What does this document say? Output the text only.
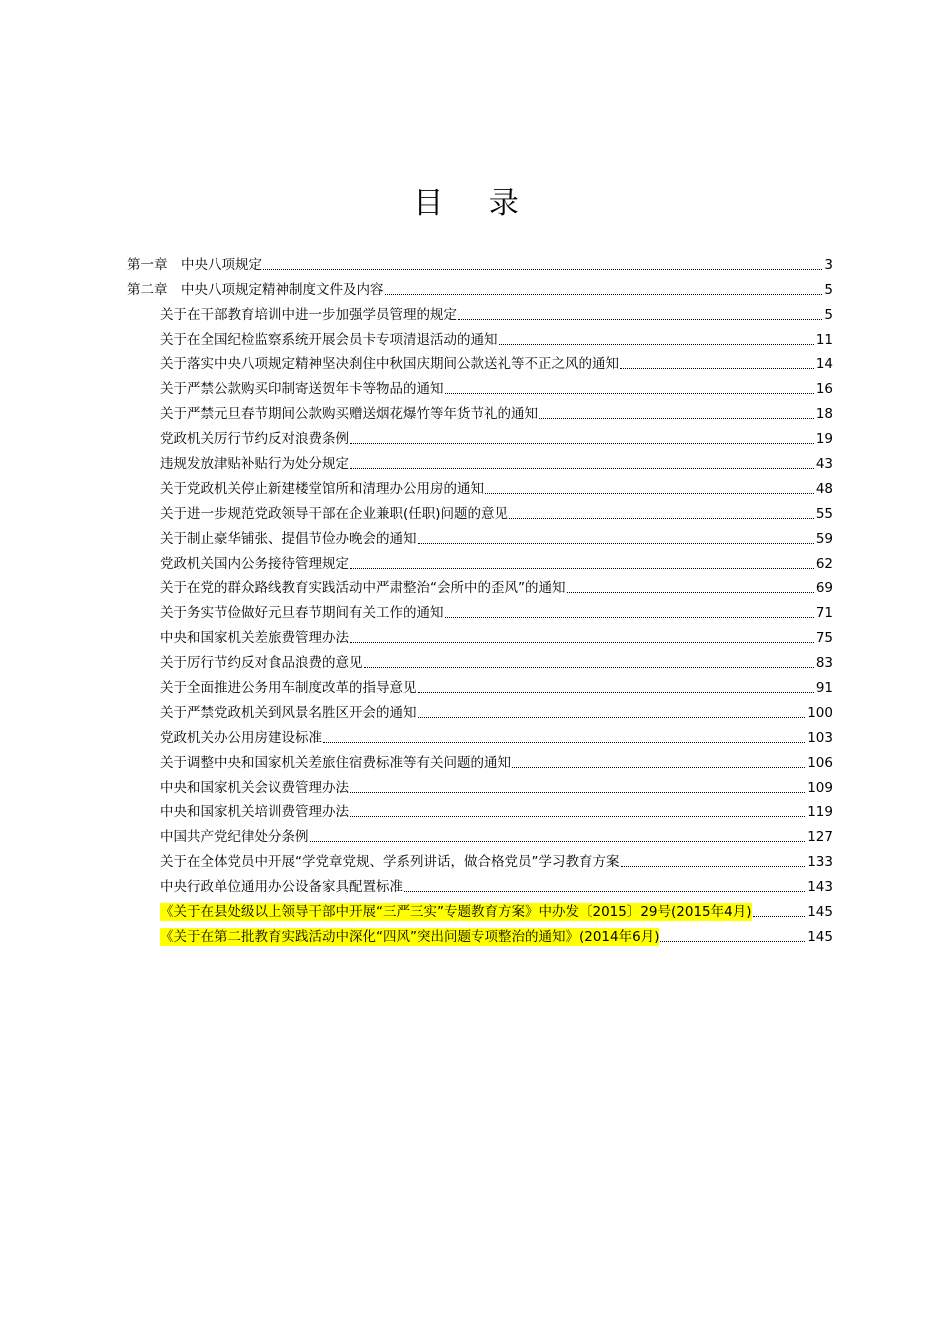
目 录
第一章　中央八项规定	3
第二章　中央八项规定精神制度文件及内容	5
关于在干部教育培训中进一步加强学员管理的规定	5
关于在全国纪检监察系统开展会员卡专项清退活动的通知	11
关于落实中央八项规定精神坚决刹住中秋国庆期间公款送礼等不正之风的通知	14
关于严禁公款购买印制寄送贺年卡等物品的通知	16
关于严禁元旦春节期间公款购买赠送烟花爆竹等年货节礼的通知	18
党政机关厉行节约反对浪费条例	19
违规发放津贴补贴行为处分规定	43
关于党政机关停止新建楼堂馆所和清理办公用房的通知	48
关于进一步规范党政领导干部在企业兼职(任职)问题的意见	55
关于制止豪华铺张、提倡节俭办晚会的通知	59
党政机关国内公务接待管理规定	62
关于在党的群众路线教育实践活动中严肃整治“会所中的歪风”的通知	69
关于务实节俭做好元旦春节期间有关工作的通知	71
中央和国家机关差旅费管理办法	75
关于厉行节约反对食品浪费的意见	83
关于全面推进公务用车制度改革的指导意见	91
关于严禁党政机关到风景名胜区开会的通知	100
党政机关办公用房建设标准	103
关于调整中央和国家机关差旅住宿费标准等有关问题的通知	106
中央和国家机关会议费管理办法	109
中央和国家机关培训费管理办法	119
中国共产党纪律处分条例	127
关于在全体党员中开展“学党章党规、学系列讲话，做合格党员”学习教育方案	133
中央行政单位通用办公设备家具配置标准	143
《关于在县处级以上领导干部中开展“三严三实”专题教育方案》中办发〔2015〕29号(2015年4月)	145
《关于在第二批教育实践活动中深化“四风”突出问题专项整治的通知》(2014年6月)	145
